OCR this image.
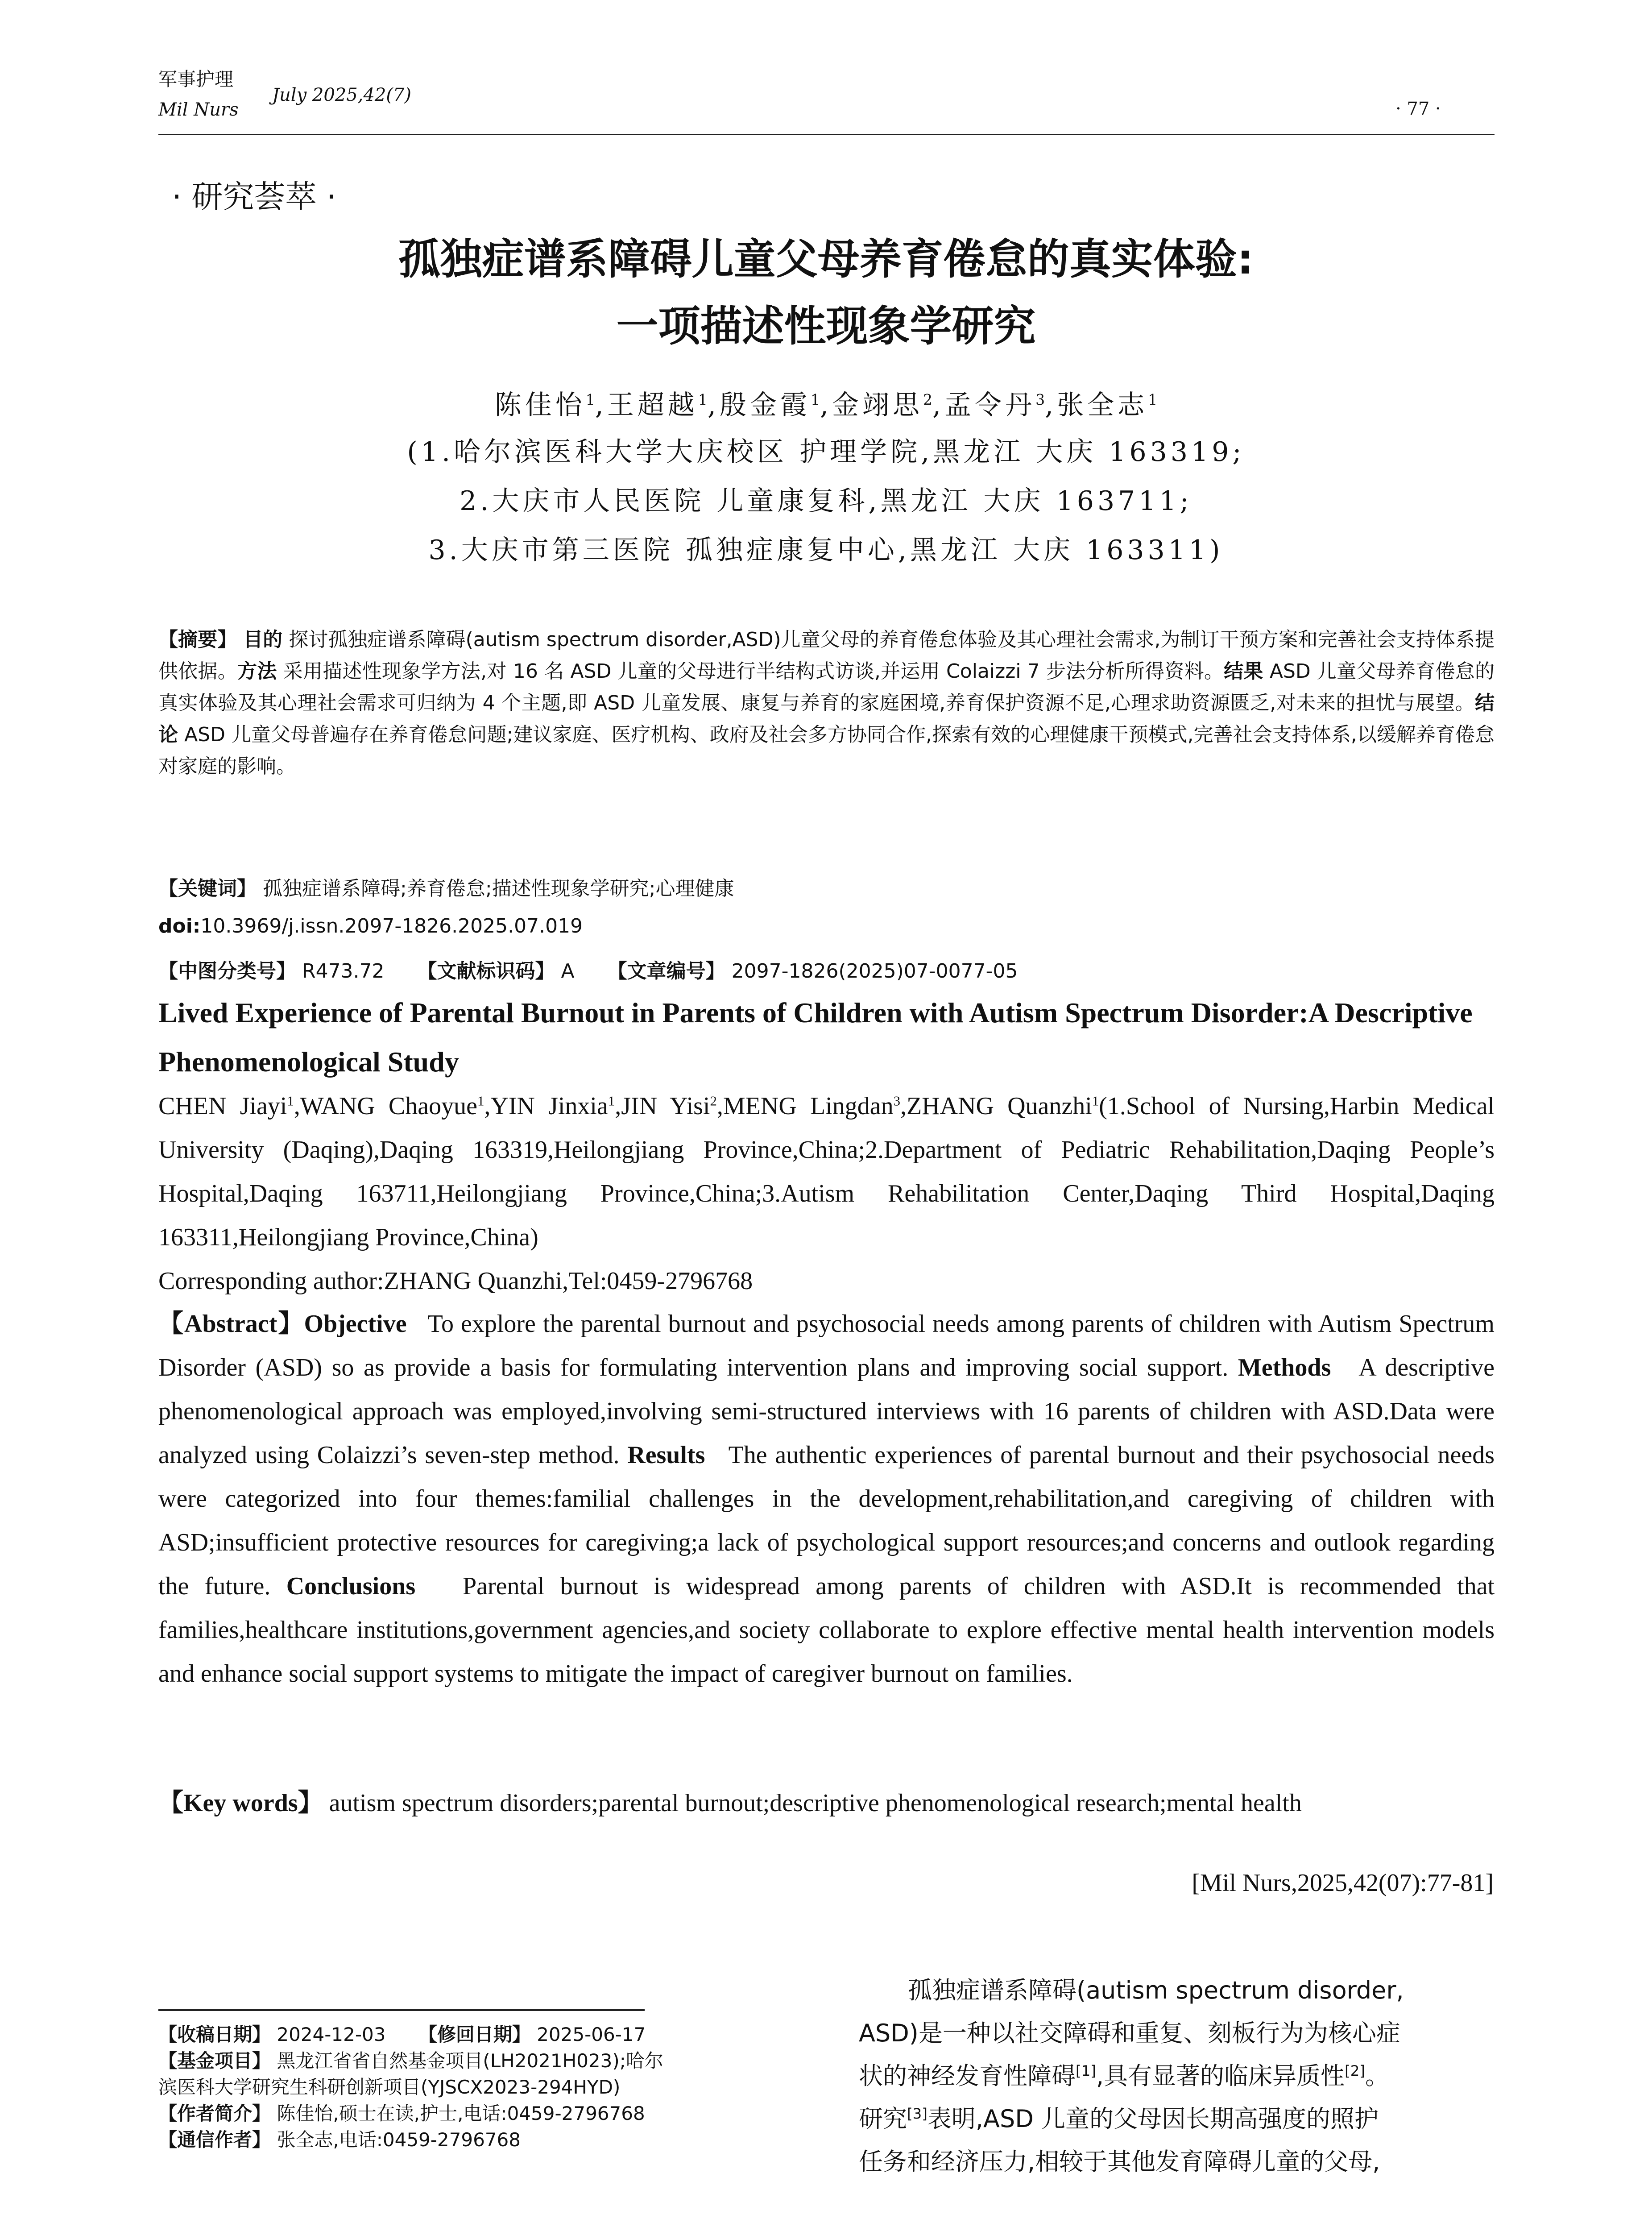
军事护理
July 2025,42(7)
Mil Nurs	· 77 ·
· 研究荟萃 ·
孤独症谱系障碍儿童父母养育倦怠的真实体验:
一项描述性现象学研究
陈佳怡$^1$,王超越$^1$,殷金霞$^1$,金翊思$^2$,孟令丹$^3$,张全志$^1$
(1.哈尔滨医科大学大庆校区 护理学院,黑龙江 大庆 163319;
2.大庆市人民医院 儿童康复科,黑龙江 大庆 163711;
3.大庆市第三医院 孤独症康复中心,黑龙江 大庆 163311)
【摘要】 目的 探讨孤独症谱系障碍(autism spectrum disorder,ASD)儿童父母的养育倦怠体验及其心理社会需求,为制订干预方案和完善社会支持体系提供依据。方法 采用描述性现象学方法,对 16 名 ASD 儿童的父母进行半结构式访谈,并运用 Colaizzi 7 步法分析所得资料。结果 ASD 儿童父母养育倦怠的真实体验及其心理社会需求可归纳为 4 个主题,即 ASD 儿童发展、康复与养育的家庭困境,养育保护资源不足,心理求助资源匮乏,对未来的担忧与展望。结论 ASD 儿童父母普遍存在养育倦怠问题;建议家庭、医疗机构、政府及社会多方协同合作,探索有效的心理健康干预模式,完善社会支持体系,以缓解养育倦怠对家庭的影响。
【关键词】 孤独症谱系障碍;养育倦怠;描述性现象学研究;心理健康
doi:10.3969/j.issn.2097-1826.2025.07.019
【中图分类号】 R473.72 【文献标识码】 A 【文章编号】 2097-1826(2025)07-0077-05
Lived Experience of Parental Burnout in Parents of Children with Autism Spectrum Disorder:A Descriptive Phenomenological Study
CHEN Jiayi$^1$,WANG Chaoyue$^1$,YIN Jinxia$^1$,JIN Yisi$^2$,MENG Lingdan$^3$,ZHANG Quanzhi$^1$(1.School of Nursing,Harbin Medical University (Daqing),Daqing 163319,Heilongjiang Province,China;2.Department of Pediatric Rehabilitation,Daqing People’s Hospital,Daqing 163711,Heilongjiang Province,China;3.Autism Rehabilitation Center,Daqing Third Hospital,Daqing 163311,Heilongjiang Province,China)
Corresponding author:ZHANG Quanzhi,Tel:0459-2796768
【Abstract】Objective To explore the parental burnout and psychosocial needs among parents of children with Autism Spectrum Disorder (ASD) so as provide a basis for formulating intervention plans and improving social support. Methods A descriptive phenomenological approach was employed,involving semi-structured interviews with 16 parents of children with ASD.Data were analyzed using Colaizzi’s seven-step method. Results The authentic experiences of parental burnout and their psychosocial needs were categorized into four themes:familial challenges in the development,rehabilitation,and caregiving of children with ASD;insufficient protective resources for caregiving;a lack of psychological support resources;and concerns and outlook regarding the future. Conclusions Parental burnout is widespread among parents of children with ASD.It is recommended that families,healthcare institutions,government agencies,and society collaborate to explore effective mental health intervention models and enhance social support systems to mitigate the impact of caregiver burnout on families.
【Key words】 autism spectrum disorders;parental burnout;descriptive phenomenological research;mental health
[Mil Nurs,2025,42(07):77-81]
【收稿日期】 2024-12-03 【修回日期】 2025-06-17
【基金项目】 黑龙江省省自然基金项目(LH2021H023);哈尔
滨医科大学研究生科研创新项目(YJSCX2023-294HYD)
【作者简介】 陈佳怡,硕士在读,护士,电话:0459-2796768
【通信作者】 张全志,电话:0459-2796768
孤独症谱系障碍(autism spectrum disorder,
ASD)是一种以社交障碍和重复、刻板行为为核心症
状的神经发育性障碍[1],具有显著的临床异质性[2]。
研究[3]表明,ASD 儿童的父母因长期高强度的照护
任务和经济压力,相较于其他发育障碍儿童的父母,
